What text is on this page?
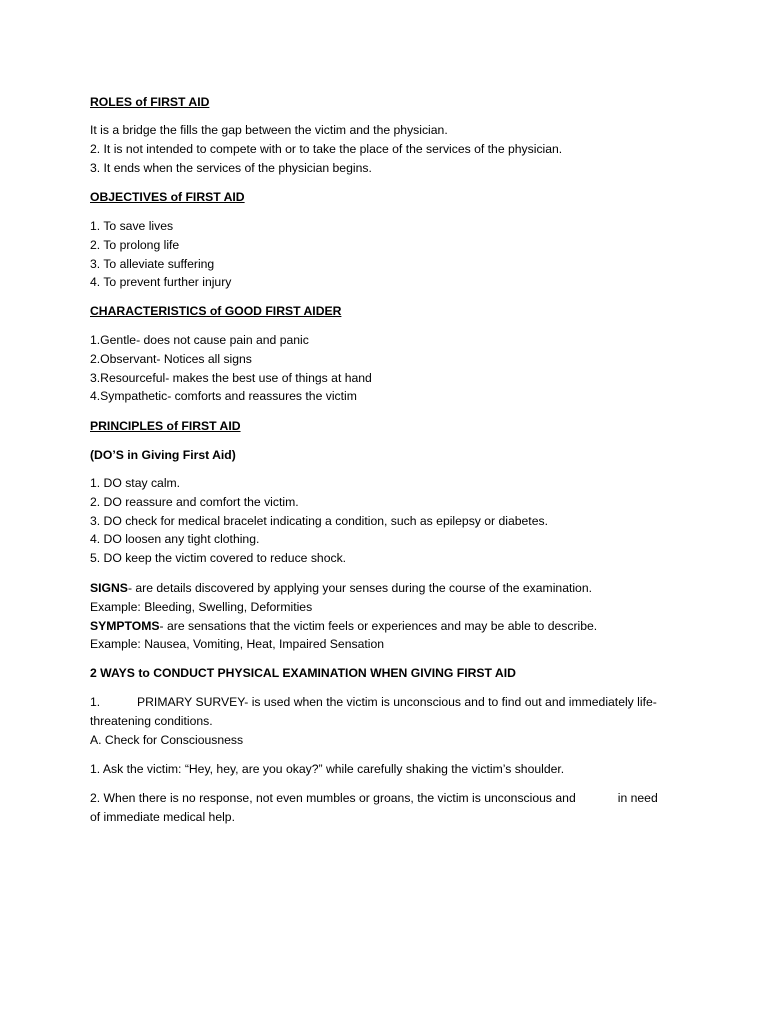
ROLES of FIRST AID
It is a bridge the fills the gap between the victim and the physician.
2. It is not intended to compete with or to take the place of the services of the physician.
3. It ends when the services of the physician begins.
OBJECTIVES of FIRST AID
1. To save lives
2. To prolong life
3. To alleviate suffering
4. To prevent further injury
CHARACTERISTICS of GOOD FIRST AIDER
1.Gentle- does not cause pain and panic
2.Observant- Notices all signs
3.Resourceful- makes the best use of things at hand
4.Sympathetic- comforts and reassures the victim
PRINCIPLES of FIRST AID
(DO’S in Giving First Aid)
1. DO stay calm.
2. DO reassure and comfort the victim.
3. DO check for medical bracelet indicating a condition, such as epilepsy or diabetes.
4. DO loosen any tight clothing.
5. DO keep the victim covered to reduce shock.
SIGNS- are details discovered by applying your senses during the course of the examination.
Example: Bleeding, Swelling, Deformities
SYMPTOMS- are sensations that the victim feels or experiences and may be able to describe.
Example: Nausea, Vomiting, Heat, Impaired Sensation
2 WAYS to CONDUCT PHYSICAL EXAMINATION WHEN GIVING FIRST AID
1.	PRIMARY SURVEY- is used when the victim is unconscious and to find out and immediately life-
threatening conditions.
A. Check for Consciousness
1. Ask the victim: “Hey, hey, are you okay?” while carefully shaking the victim’s shoulder.
2. When there is no response, not even mumbles or groans, the victim is unconscious and	in need
of immediate medical help.
